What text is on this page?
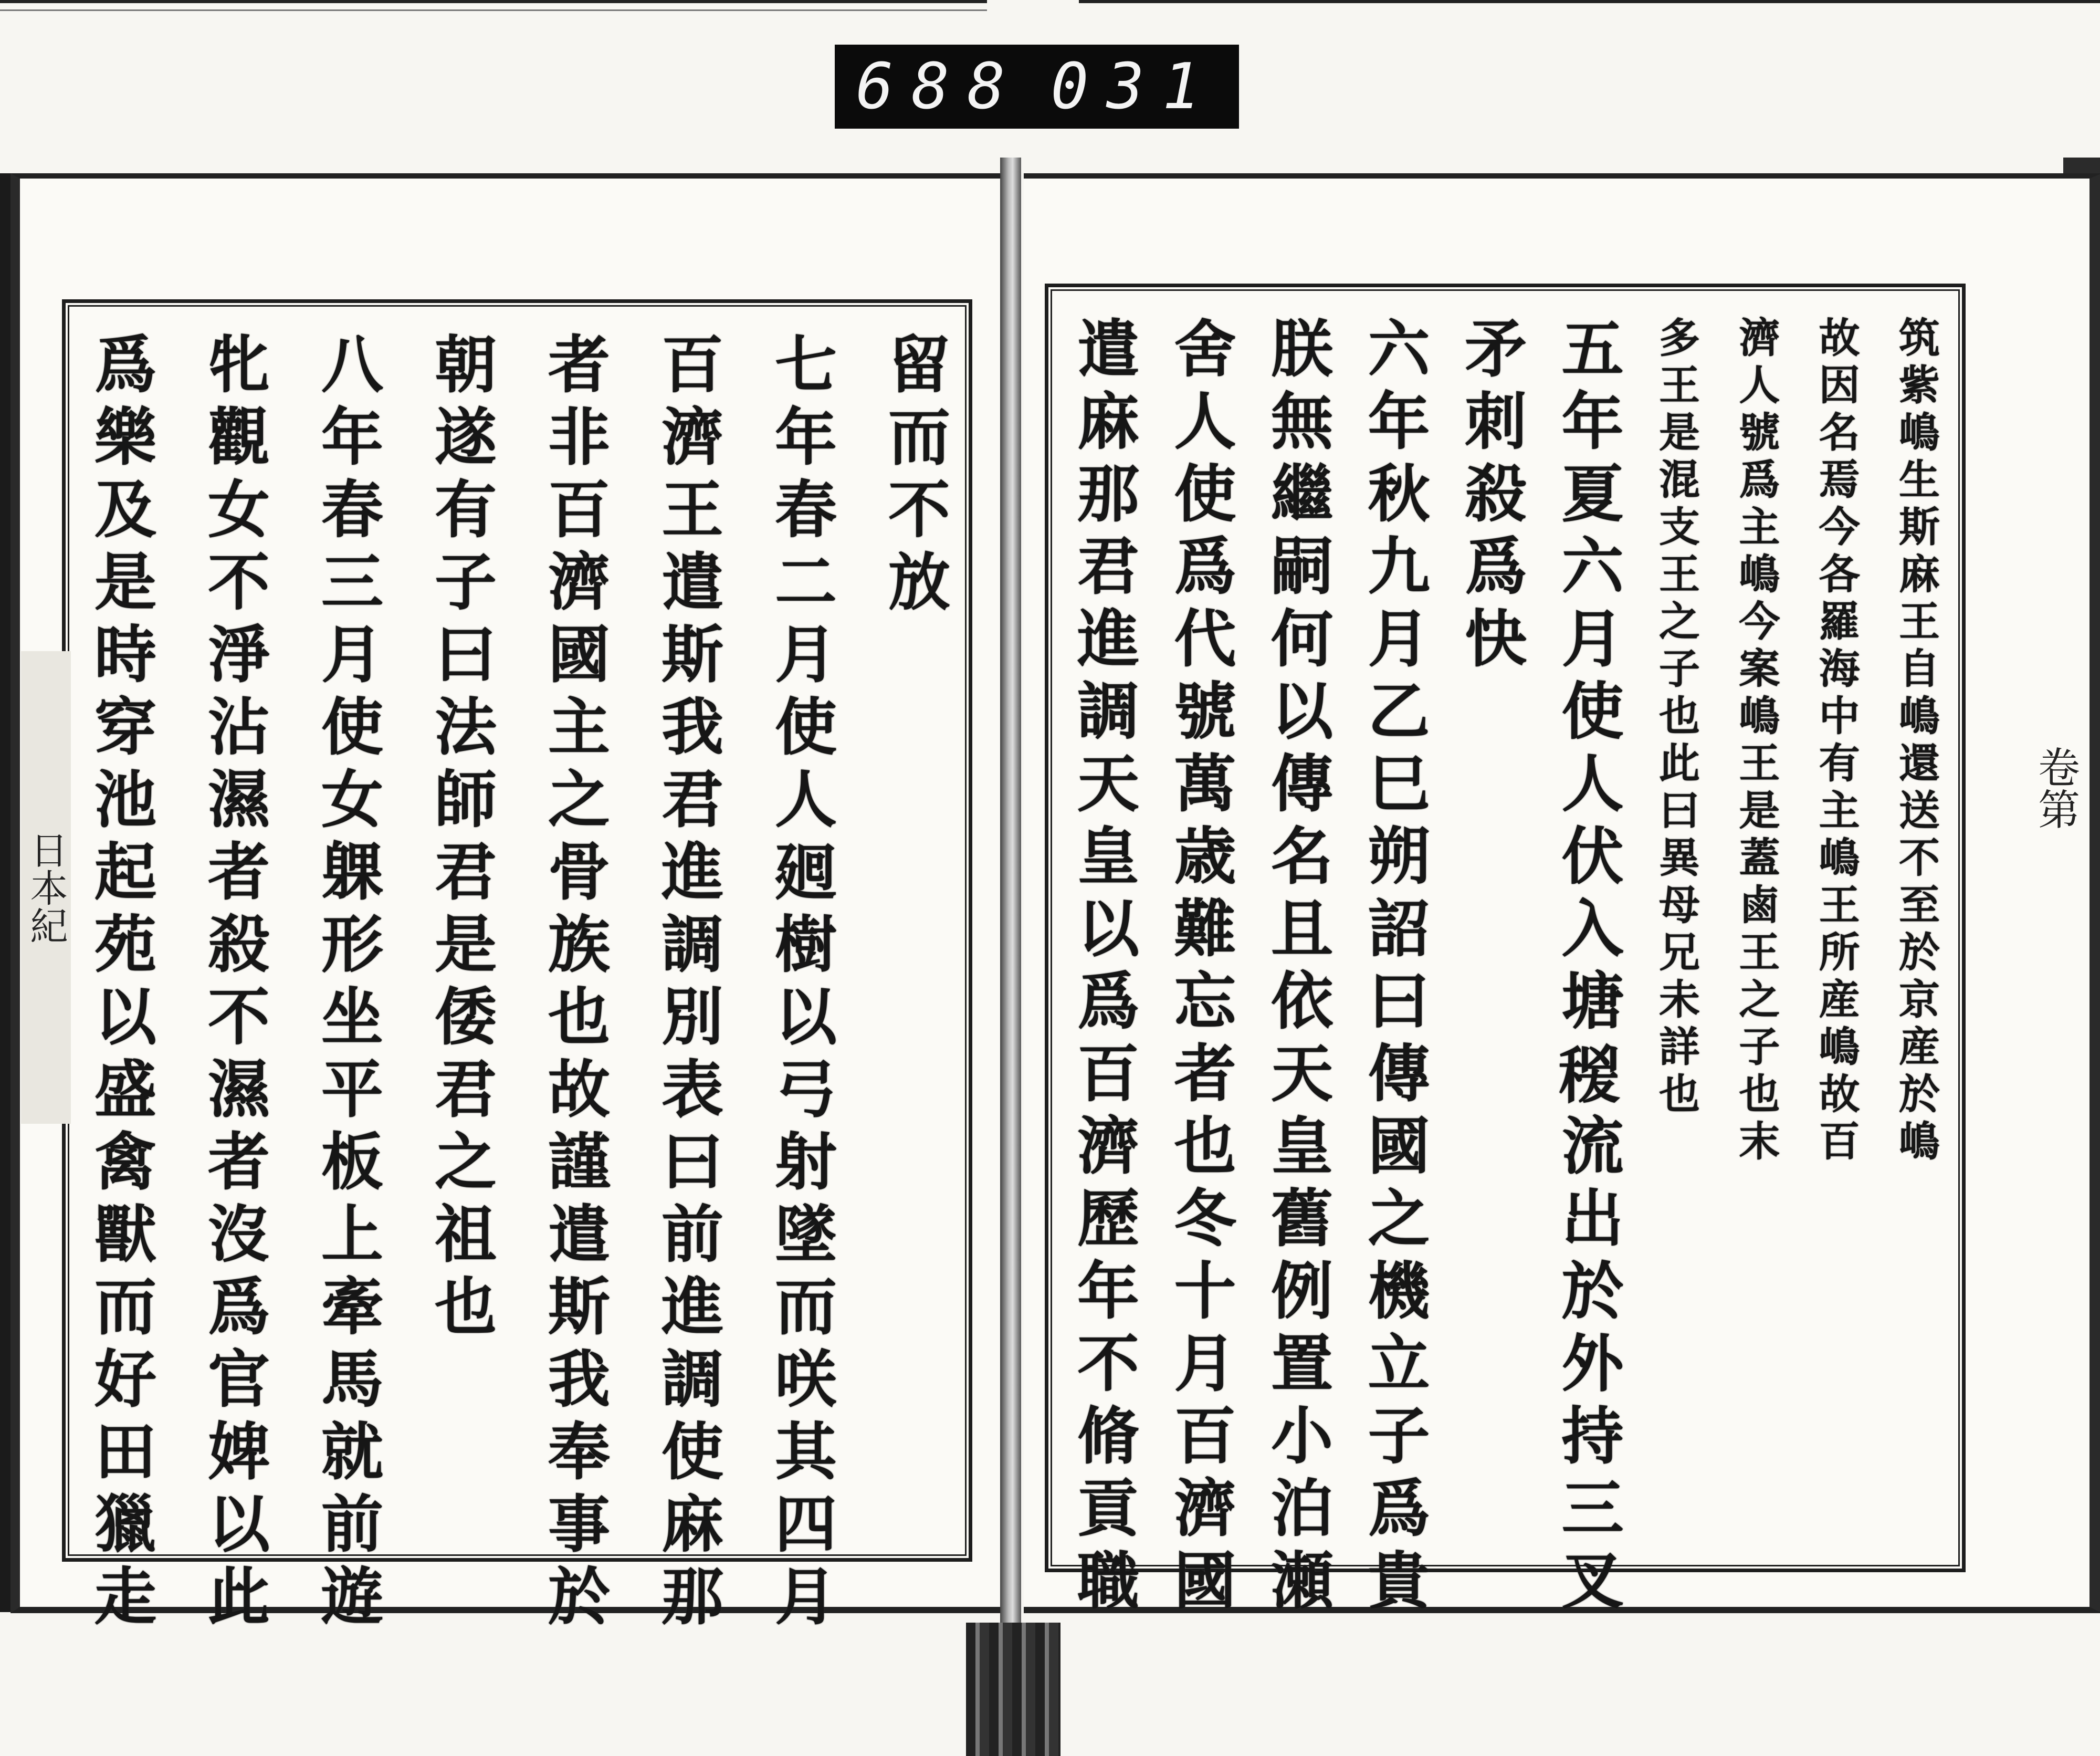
688 031
留而不放
七年春二月使人𢌞樹以弓射墜而咲其四月
百濟王遣斯我君進調別表曰前進調使麻那
者非百濟國主之骨族也故謹遣斯我奉事於
朝遂有子曰法師君是倭君之祖也
八年春三月使女躶形坐平板上牽馬就前遊
牝觀女不淨沾濕者殺不濕者沒爲官婢以此
爲樂及是時穿池起苑以盛禽獸而好田獵走
日本紀	筑紫嶋生斯麻王自嶋還送不至於京産於嶋
故因名焉今各羅海中有主嶋王所産嶋故百
濟人號爲主嶋今案嶋王是蓋鹵王之子也末
多王是混支王之子也此曰異母兄未詳也
五年夏六月使人伏入塘𥟛流出於外持三叉
矛刺殺爲快
六年秋九月乙巳朔詔曰傳國之機立子爲貴
朕無繼嗣何以傳名且依天皇舊例置小泊瀬
舍人使爲代號萬歳難忘者也冬十月百濟國
遣麻那君進調天皇以爲百濟歷年不脩貢職	卷第
